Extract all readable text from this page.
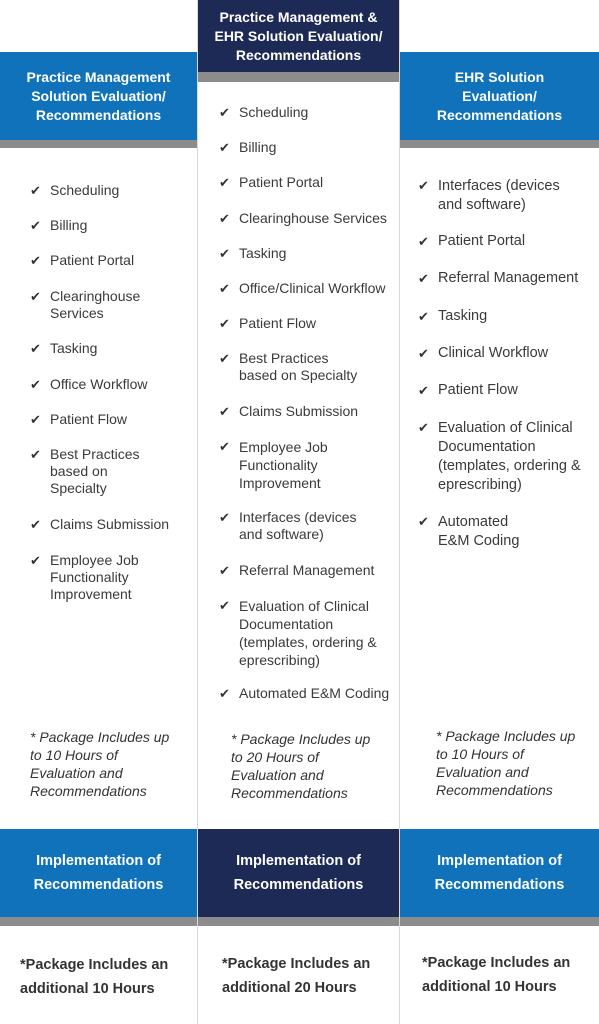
Practice Management Solution Evaluation/ Recommendations
✔ Scheduling
✔ Billing
✔ Patient Portal
✔ Clearinghouse Services
✔ Tasking
✔ Office Workflow
✔ Patient Flow
✔ Best Practices based on Specialty
✔ Claims Submission
✔ Employee Job Functionality Improvement
* Package Includes up to 10 Hours of Evaluation and Recommendations
Implementation of Recommendations
*Package Includes an additional 10 Hours
Practice Management & EHR Solution Evaluation/ Recommendations
✔ Scheduling
✔ Billing
✔ Patient Portal
✔ Clearinghouse Services
✔ Tasking
✔ Office/Clinical Workflow
✔ Patient Flow
✔ Best Practices based on Specialty
✔ Claims Submission
✔ Employee Job Functionality Improvement
✔ Interfaces (devices and software)
✔ Referral Management
✔ Evaluation of Clinical Documentation (templates, ordering & eprescribing)
✔ Automated E&M Coding
* Package Includes up to 20 Hours of Evaluation and Recommendations
Implementation of Recommendations
*Package Includes an additional 20 Hours
EHR Solution Evaluation/ Recommendations
✔ Interfaces (devices and software)
✔ Patient Portal
✔ Referral Management
✔ Tasking
✔ Clinical Workflow
✔ Patient Flow
✔ Evaluation of Clinical Documentation (templates, ordering & eprescribing)
✔ Automated E&M Coding
* Package Includes up to 10 Hours of Evaluation and Recommendations
Implementation of Recommendations
*Package Includes an additional 10 Hours
